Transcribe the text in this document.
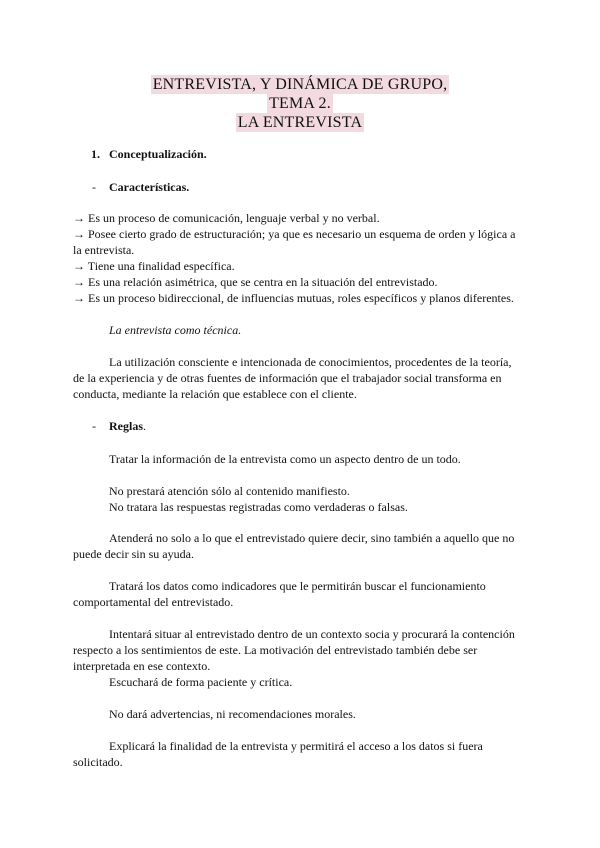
ENTREVISTA, Y DINÁMICA DE GRUPO,
TEMA 2.
LA ENTREVISTA
1. Conceptualización.
- Características.
→ Es un proceso de comunicación, lenguaje verbal y no verbal.
→ Posee cierto grado de estructuración; ya que es necesario un esquema de orden y lógica a
la entrevista.
→ Tiene una finalidad específica.
→ Es una relación asimétrica, que se centra en la situación del entrevistado.
→ Es un proceso bidireccional, de influencias mutuas, roles específicos y planos diferentes.
La entrevista como técnica.
La utilización consciente e intencionada de conocimientos, procedentes de la teoría,
de la experiencia y de otras fuentes de información que el trabajador social transforma en
conducta, mediante la relación que establece con el cliente.
- Reglas.
Tratar la información de la entrevista como un aspecto dentro de un todo.
No prestará atención sólo al contenido manifiesto.
No tratara las respuestas registradas como verdaderas o falsas.
Atenderá no solo a lo que el entrevistado quiere decir, sino también a aquello que no
puede decir sin su ayuda.
Tratará los datos como indicadores que le permitirán buscar el funcionamiento
comportamental del entrevistado.
Intentará situar al entrevistado dentro de un contexto socia y procurará la contención
respecto a los sentimientos de este. La motivación del entrevistado también debe ser
interpretada en ese contexto.
Escuchará de forma paciente y crítica.
No dará advertencias, ni recomendaciones morales.
Explicará la finalidad de la entrevista y permitirá el acceso a los datos si fuera
solicitado.
